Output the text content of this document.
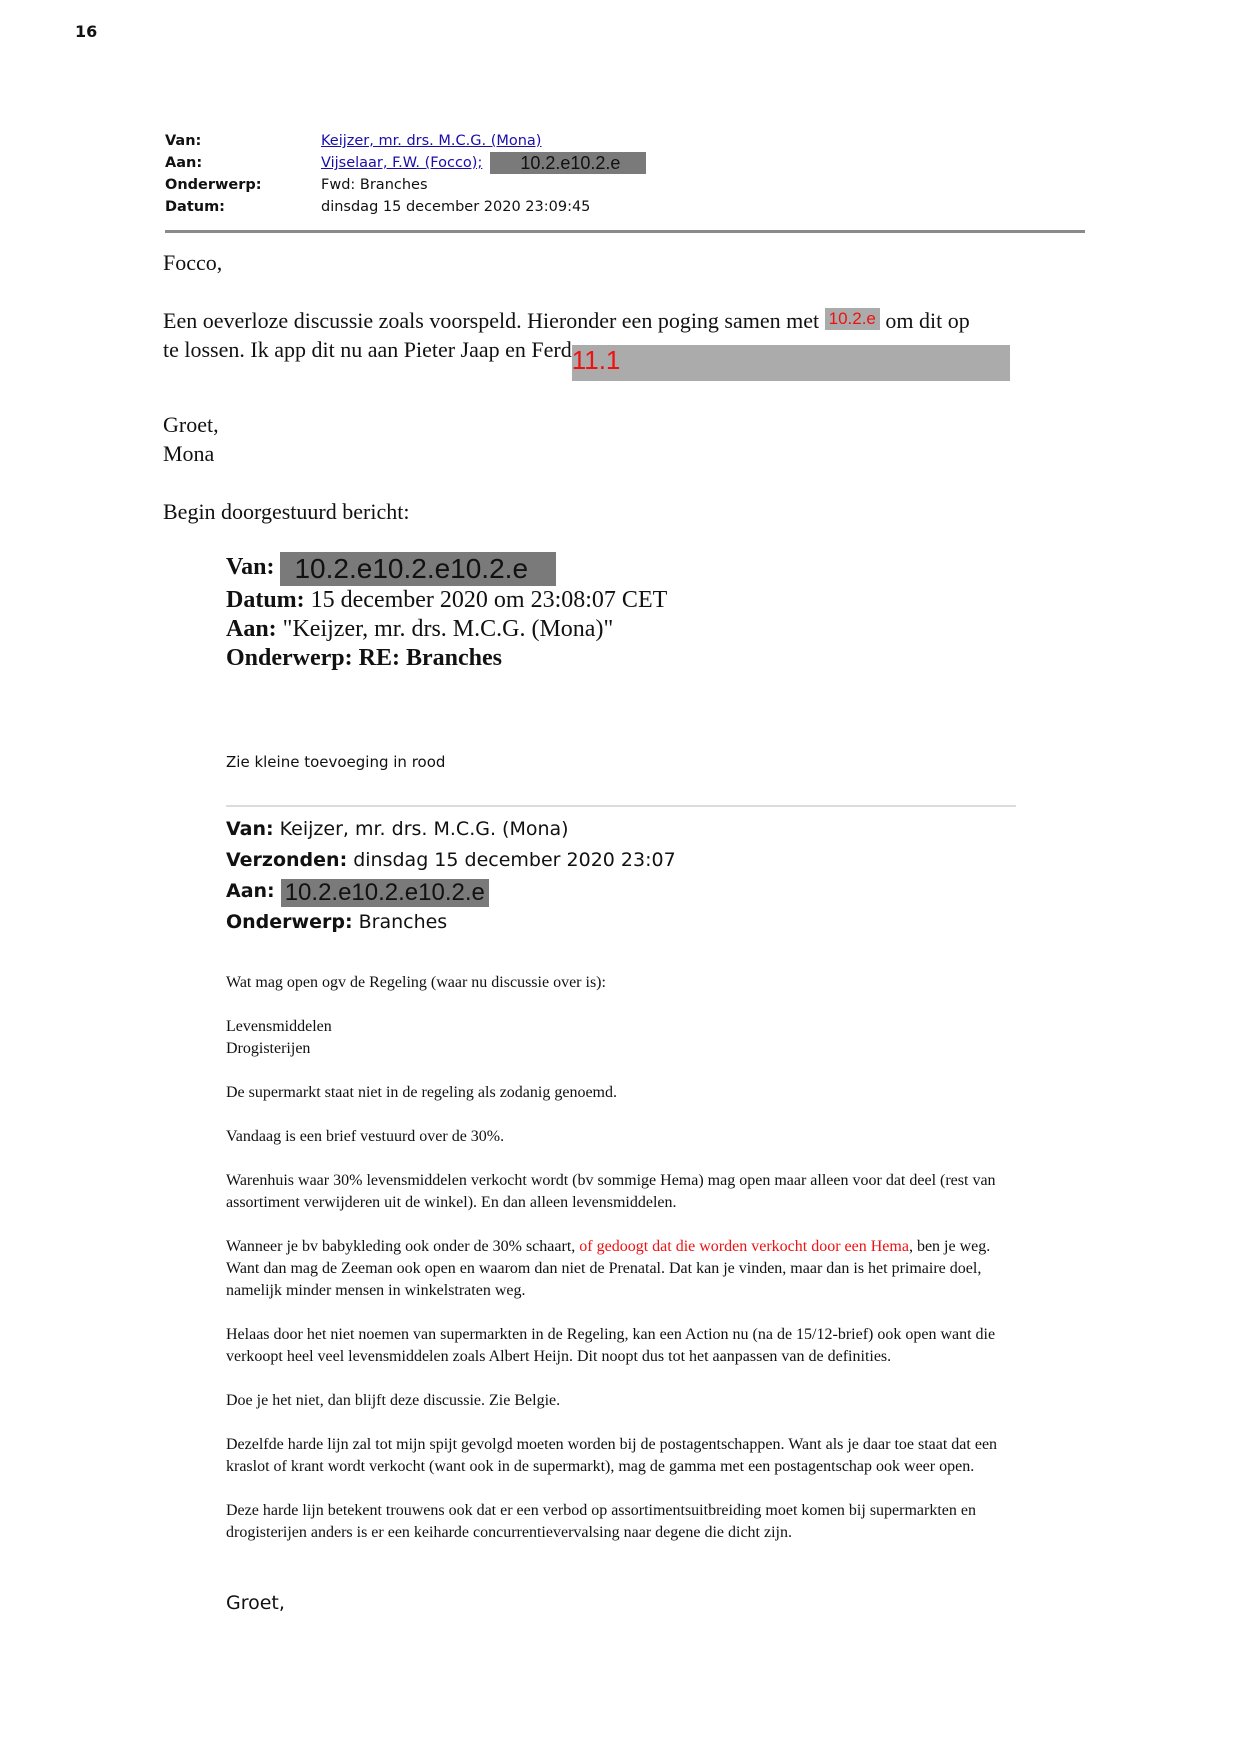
16
Van:	Keijzer, mr. drs. M.C.G. (Mona)
Aan:	Vijselaar, F.W. (Focco); 10.2.e10.2.e
Onderwerp:	Fwd: Branches
Datum:	dinsdag 15 december 2020 23:09:45

Focco,

Een oeverloze discussie zoals voorspeld. Hieronder een poging samen met 10.2.e om dit op
te lossen. Ik app dit nu aan Pieter Jaap en Ferd11.1

Groet,

Mona

Begin doorgestuurd bericht:

Van: 10.2.e10.2.e10.2.e
Datum: 15 december 2020 om 23:08:07 CET
Aan: "Keijzer, mr. drs. M.C.G. (Mona)"
Onderwerp: RE: Branches
Zie kleine toevoeging in rood
Van: Keijzer, mr. drs. M.C.G. (Mona)
Verzonden: dinsdag 15 december 2020 23:07
Aan: 10.2.e10.2.e10.2.e
Onderwerp: Branches

Wat mag open ogv de Regeling (waar nu discussie over is):

Levensmiddelen
Drogisterijen

De supermarkt staat niet in de regeling als zodanig genoemd.

Vandaag is een brief vestuurd over de 30%.

Warenhuis waar 30% levensmiddelen verkocht wordt (bv sommige Hema) mag open maar alleen voor dat deel (rest van assortiment verwijderen uit de winkel). En dan alleen levensmiddelen.

Wanneer je bv babykleding ook onder de 30% schaart, of gedoogt dat die worden verkocht door een Hema, ben je weg. Want dan mag de Zeeman ook open en waarom dan niet de Prenatal. Dat kan je vinden, maar dan is het primaire doel, namelijk minder mensen in winkelstraten weg.

Helaas door het niet noemen van supermarkten in de Regeling, kan een Action nu (na de 15/12-brief) ook open want die verkoopt heel veel levensmiddelen zoals Albert Heijn. Dit noopt dus tot het aanpassen van de definities.

Doe je het niet, dan blijft deze discussie. Zie Belgie.

Dezelfde harde lijn zal tot mijn spijt gevolgd moeten worden bij de postagentschappen. Want als je daar toe staat dat een kraslot of krant wordt verkocht (want ook in de supermarkt), mag de gamma met een postagentschap ook weer open.

Deze harde lijn betekent trouwens ook dat er een verbod op assortimentsuitbreiding moet komen bij supermarkten en drogisterijen anders is er een keiharde concurrentievervalsing naar degene die dicht zijn.

Groet,
